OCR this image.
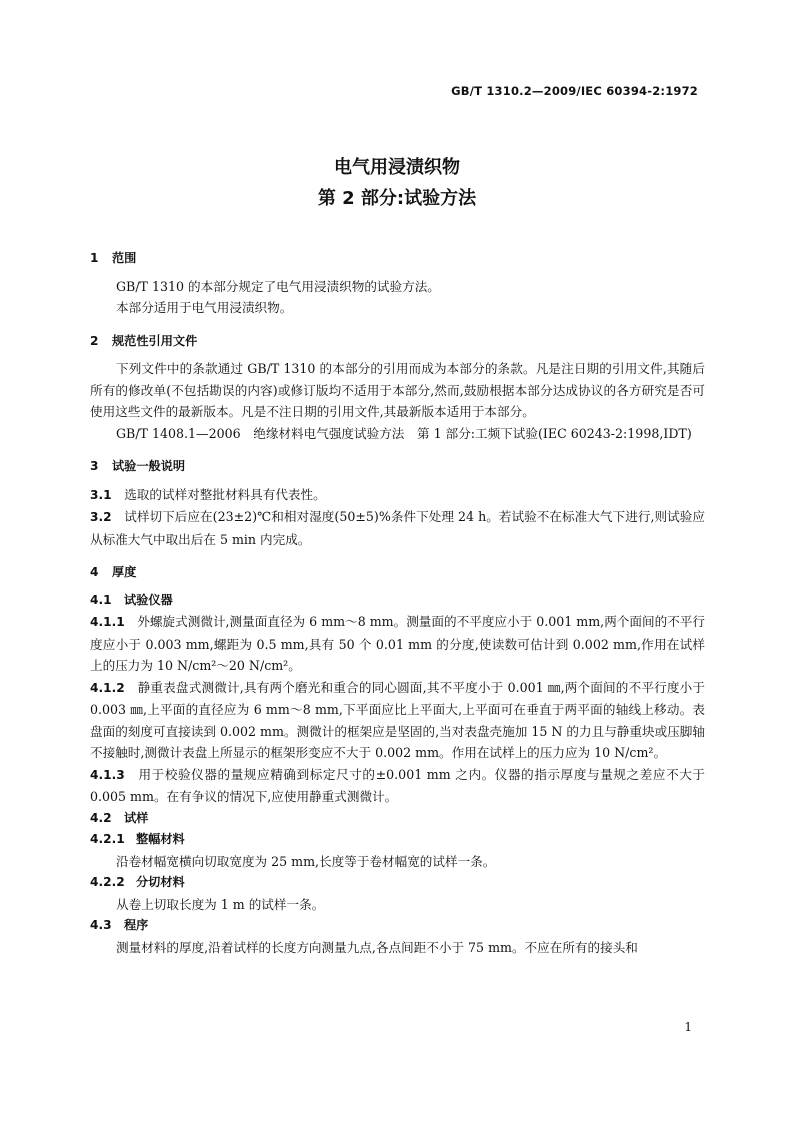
GB/T 1310.2—2009/IEC 60394-2:1972
电气用浸渍织物
第 2 部分:试验方法
1 范围

GB/T 1310 的本部分规定了电气用浸渍织物的试验方法。

本部分适用于电气用浸渍织物。

2 规范性引用文件

下列文件中的条款通过 GB/T 1310 的本部分的引用而成为本部分的条款。凡是注日期的引用文件,其随后所有的修改单(不包括勘误的内容)或修订版均不适用于本部分,然而,鼓励根据本部分达成协议的各方研究是否可使用这些文件的最新版本。凡是不注日期的引用文件,其最新版本适用于本部分。

GB/T 1408.1—2006　绝缘材料电气强度试验方法　第 1 部分:工频下试验(IEC 60243-2:1998,IDT)

3 试验一般说明

3.1　 选取的试样对整批材料具有代表性。

3.2　 试样切下后应在(23±2)℃和相对湿度(50±5)%条件下处理 24 h。若试验不在标准大气下进行,则试验应从标准大气中取出后在 5 min 内完成。

4 厚度
4.1 试验仪器

4.1.1　 外螺旋式测微计,测量面直径为 6 mm～8 mm。测量面的不平度应小于 0.001 mm,两个面间的不平行度应小于 0.003 mm,螺距为 0.5 mm,具有 50 个 0.01 mm 的分度,使读数可估计到 0.002 mm,作用在试样上的压力为 10 N/cm²～20 N/cm²。

4.1.2　 静重表盘式测微计,具有两个磨光和重合的同心圆面,其不平度小于 0.001 ㎜,两个面间的不平行度小于 0.003 ㎜,上平面的直径应为 6 mm～8 mm,下平面应比上平面大,上平面可在垂直于两平面的轴线上移动。表盘面的刻度可直接读到 0.002 mm。测微计的框架应是坚固的,当对表盘壳施加 15 N 的力且与静重块或压脚轴不接触时,测微计表盘上所显示的框架形变应不大于 0.002 mm。作用在试样上的压力应为 10 N/cm²。

4.1.3　 用于校验仪器的量规应精确到标定尺寸的±0.001 mm 之内。仪器的指示厚度与量规之差应不大于 0.005 mm。在有争议的情况下,应使用静重式测微计。

4.2 试样
4.2.1 整幅材料

沿卷材幅宽横向切取宽度为 25 mm,长度等于卷材幅宽的试样一条。

4.2.2 分切材料

从卷上切取长度为 1 m 的试样一条。

4.3 程序

测量材料的厚度,沿着试样的长度方向测量九点,各点间距不小于 75 mm。不应在所有的接头和

1
